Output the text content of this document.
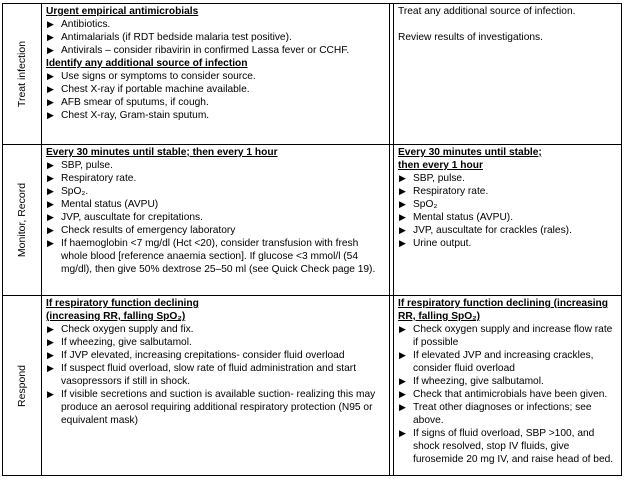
Treat infection
Monitor, Record
Respond
Urgent empirical antimicrobials
▶ Antibiotics.
▶ Antimalarials (if RDT bedside malaria test positive).
▶ Antivirals – consider ribavirin in confirmed Lassa fever or CCHF.
Identify any additional source of infection
▶ Use signs or symptoms to consider source.
▶ Chest X-ray if portable machine available.
▶ AFB smear of sputums, if cough.
▶ Chest X-ray, Gram-stain sputum.
Treat any additional source of infection.
Review results of investigations.
Every 30 minutes until stable; then every 1 hour
▶ SBP, pulse.
▶ Respiratory rate.
▶ SpO₂.
▶ Mental status (AVPU)
▶ JVP, auscultate for crepitations.
▶ Check results of emergency laboratory
▶ If haemoglobin <7 mg/dl (Hct <20), consider transfusion with fresh whole blood [reference anaemia section]. If glucose <3 mmol/l (54 mg/dl), then give 50% dextrose 25–50 ml (see Quick Check page 19).
Every 30 minutes until stable;
then every 1 hour
▶ SBP, pulse.
▶ Respiratory rate.
▶ SpO₂
▶ Mental status (AVPU).
▶ JVP, auscultate for crackles (rales).
▶ Urine output.
If respiratory function declining
(increasing RR, falling SpO₂)
▶ Check oxygen supply and fix.
▶ If wheezing, give salbutamol.
▶ If JVP elevated, increasing crepitations- consider fluid overload
▶ If suspect fluid overload, slow rate of fluid administration and start vasopressors if still in shock.
▶ If visible secretions and suction is available suction- realizing this may produce an aerosol requiring additional respiratory protection (N95 or equivalent mask)
If respiratory function declining (increasing
RR, falling SpO₂)
▶ Check oxygen supply and increase flow rate if possible
▶ If elevated JVP and increasing crackles, consider fluid overload
▶ If wheezing, give salbutamol.
▶ Check that antimicrobials have been given.
▶ Treat other diagnoses or infections; see above.
▶ If signs of fluid overload, SBP >100, and shock resolved, stop IV fluids, give furosemide 20 mg IV, and raise head of bed.
